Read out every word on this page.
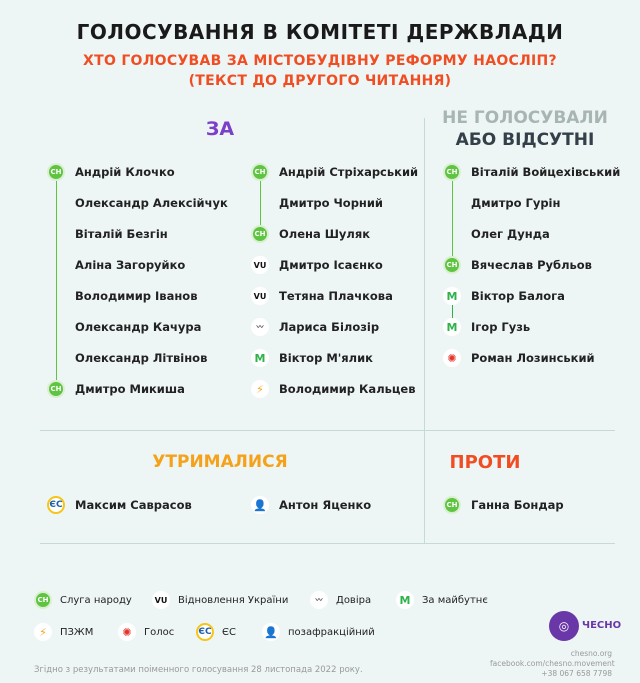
ГОЛОСУВАННЯ В КОМІТЕТІ ДЕРЖВЛАДИ
ХТО ГОЛОСУВАВ ЗА МІСТОБУДІВНУ РЕФОРМУ НАОСЛІП?
(ТЕКСТ ДО ДРУГОГО ЧИТАННЯ)
ЗА	НЕ ГОЛОСУВАЛИ
АБО ВІДСУТНІ
УТРИМАЛИСЯ	ПРОТИ
СН	Андрій Клочко
Олександр Алексійчук
Віталій Безгін
Аліна Загоруйко
Володимир Іванов
Олександр Качура
Олександр Літвінов
СН	Дмитро Микиша
СН	Андрій Стріхарський
Дмитро Чорний
СН	Олена Шуляк
VU Дмитро Ісаєнко
VU Тетяна Плачкова
〰	Лариса Білозір
M	Віктор М'ялик
⚡	Володимир Кальцев
СН	Віталій Войцехівський
Дмитро Гурін
Олег Дунда
СН	Вячеслав Рубльов
M	Віктор Балога
M	Ігор Гузь
✺	Роман Лозинський
ЄС Максим Саврасов	👤 Антон Яценко	СН	Ганна Бондар
СН	Слуга народу	VU Відновлення України	〰	Довіра	M	За майбутнє
⚡	ПЗЖМ	✺	Голос	ЄС ЄС	👤 позафракційний
Згідно з результатами поіменного голосування 28 листопада 2022 року.
◎	ЧЕСНО
chesno.org
facebook.com/chesno.movement
+38 067 658 7798
